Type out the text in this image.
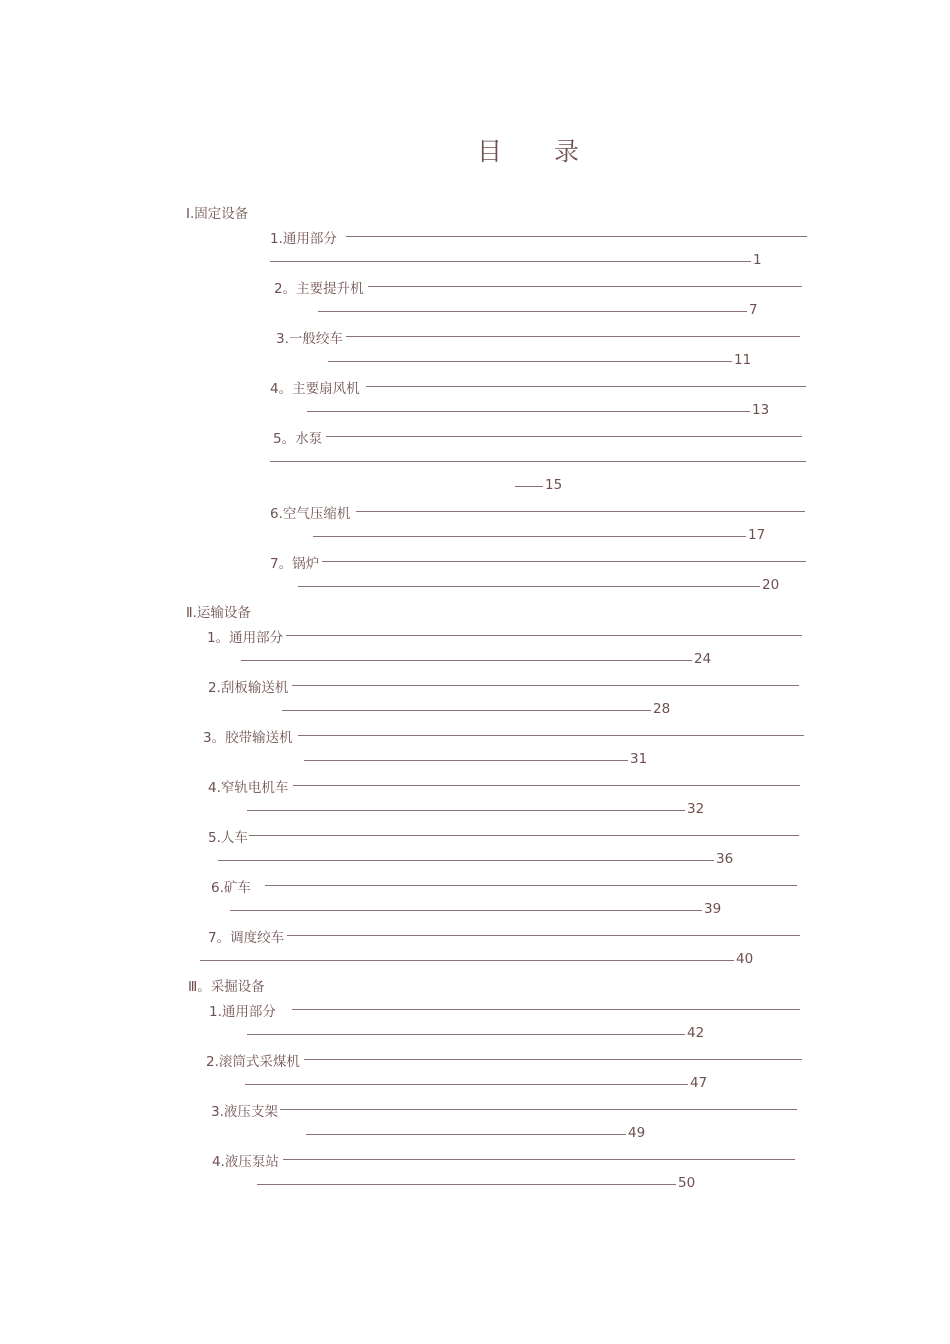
目 录
Ⅰ.固定设备
1.通用部分
1
2。主要提升机
7
3.一般绞车
11
4。主要扇风机
13
5。水泵
15
6.空气压缩机
17
7。锅炉
20
Ⅱ.运输设备
1。通用部分
24
2.刮板输送机
28
3。胶带输送机
31
4.窄轨电机车
32
5.人车
36
6.矿车
39
7。调度绞车
40
Ⅲ。采掘设备
1.通用部分
42
2.滚筒式采煤机
47
3.液压支架
49
4.液压泵站
50
